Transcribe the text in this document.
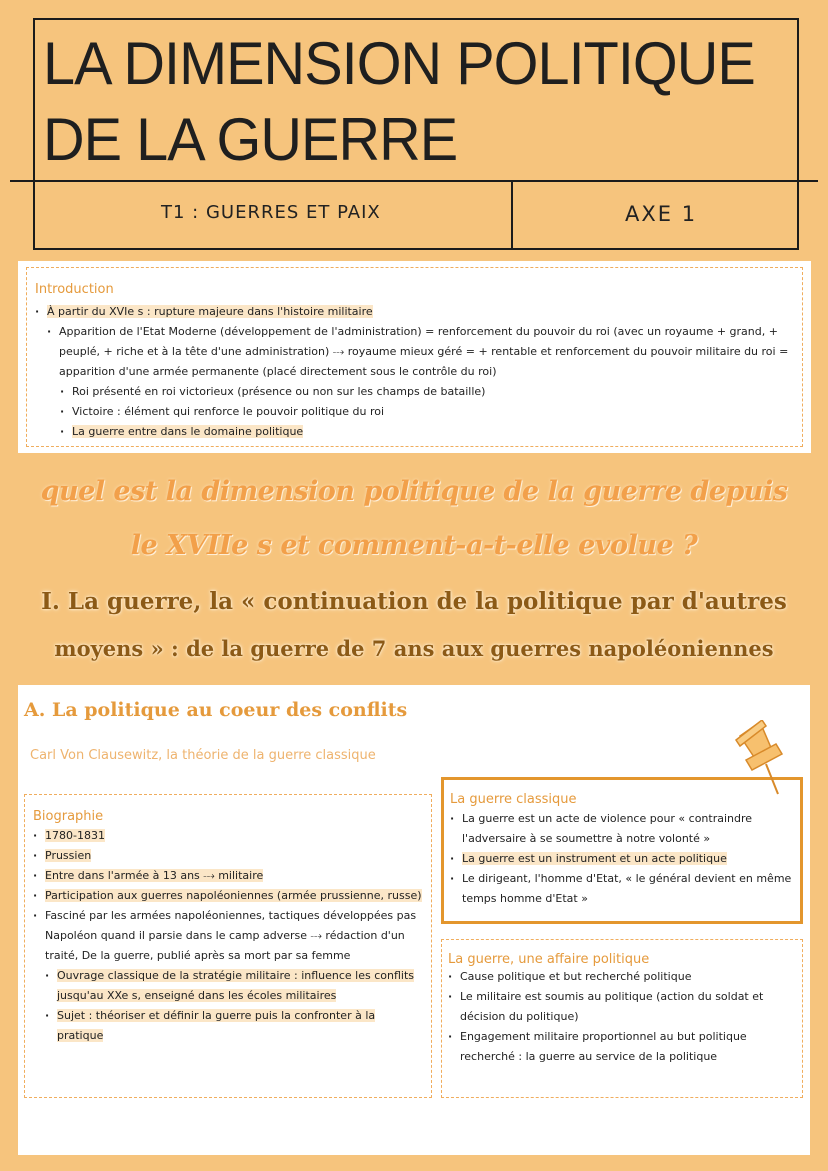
LA DIMENSION POLITIQUE
DE LA GUERRE
T1 : GUERRES ET PAIX	AXE 1
Introduction
· À partir du XVIe s : rupture majeure dans l'histoire militaire
· Apparition de l'Etat Moderne (développement de l'administration) = renforcement du pouvoir du roi (avec un royaume + grand, + peuplé, + riche et à la tête d'une administration) ⤏ royaume mieux géré = + rentable et renforcement du pouvoir militaire du roi = apparition d'une armée permanente (placé directement sous le contrôle du roi)
· Roi présenté en roi victorieux (présence ou non sur les champs de bataille)
· Victoire : élément qui renforce le pouvoir politique du roi
· La guerre entre dans le domaine politique
quel est la dimension politique de la guerre depuis
le XVIIe s et comment-a-t-elle evolue ?
I. La guerre, la « continuation de la politique par d'autres
moyens » : de la guerre de 7 ans aux guerres napoléoniennes
A. La politique au coeur des conflits
Carl Von Clausewitz, la théorie de la guerre classique
Biographie
· 1780-1831
· Prussien
· Entre dans l'armée à 13 ans ⤏ militaire
· Participation aux guerres napoléoniennes (armée prussienne, russe)
· Fasciné par les armées napoléoniennes, tactiques développées pas Napoléon quand il parsie dans le camp adverse ⤏ rédaction d'un traité, De la guerre, publié après sa mort par sa femme
· Ouvrage classique de la stratégie militaire : influence les conflits jusqu'au XXe s, enseigné dans les écoles militaires
· Sujet : théoriser et définir la guerre puis la confronter à la pratique
La guerre classique
· La guerre est un acte de violence pour « contraindre l'adversaire à se soumettre à notre volonté »
· La guerre est un instrument et un acte politique
· Le dirigeant, l'homme d'Etat, « le général devient en même temps homme d'Etat »
La guerre, une affaire politique
· Cause politique et but recherché politique
· Le militaire est soumis au politique (action du soldat et décision du politique)
· Engagement militaire proportionnel au but politique recherché : la guerre au service de la politique
